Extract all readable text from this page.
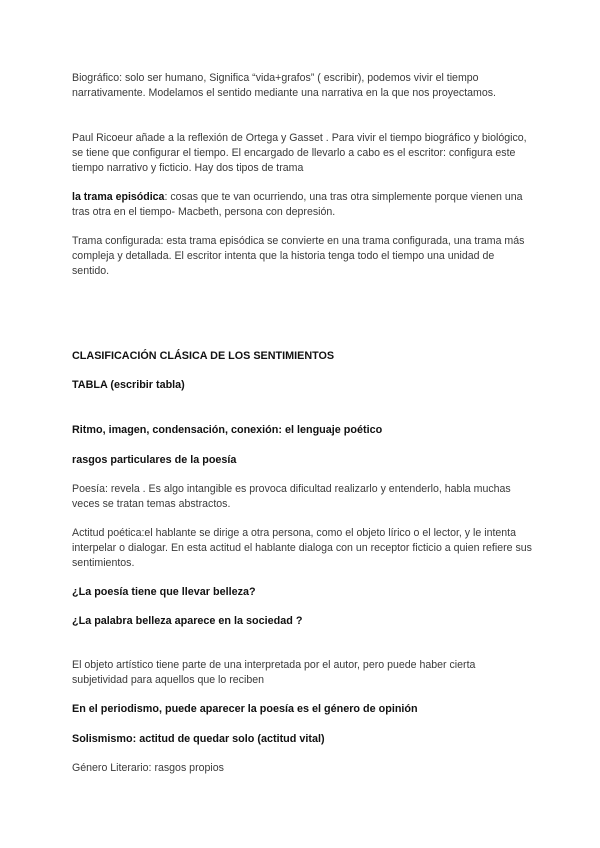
Biográfico: solo ser humano, Significa “vida+grafos” ( escribir), podemos vivir el tiempo narrativamente. Modelamos el sentido mediante una narrativa en la que nos proyectamos.

Paul Ricoeur añade a la reflexión de Ortega y Gasset . Para vivir el tiempo biográfico y biológico, se tiene que configurar el tiempo. El encargado de llevarlo a cabo es el escritor: configura este tiempo narrativo y ficticio. Hay dos tipos de trama

la trama episódica: cosas que te van ocurriendo, una tras otra simplemente porque vienen una tras otra en el tiempo- Macbeth, persona con depresión.

Trama configurada: esta trama episódica se convierte en una trama configurada, una trama más compleja y detallada. El escritor intenta que la historia tenga todo el tiempo una unidad de sentido.

CLASIFICACIÓN CLÁSICA DE LOS SENTIMIENTOS

TABLA (escribir tabla)

Ritmo, imagen, condensación, conexión: el lenguaje poético

rasgos particulares de la poesía

Poesía: revela . Es algo intangible es provoca dificultad realizarlo y entenderlo, habla muchas veces se tratan temas abstractos.

Actitud poética:el hablante se dirige a otra persona, como el objeto lírico o el lector, y le intenta interpelar o dialogar. En esta actitud el hablante dialoga con un receptor ficticio a quien refiere sus sentimientos.

¿La poesía tiene que llevar belleza?

¿La palabra belleza aparece en la sociedad ?

El objeto artístico tiene parte de una interpretada por el autor, pero puede haber cierta subjetividad para aquellos que lo reciben

En el periodismo, puede aparecer la poesía es el género de opinión

Solismismo: actitud de quedar solo (actitud vital)

Género Literario: rasgos propios
